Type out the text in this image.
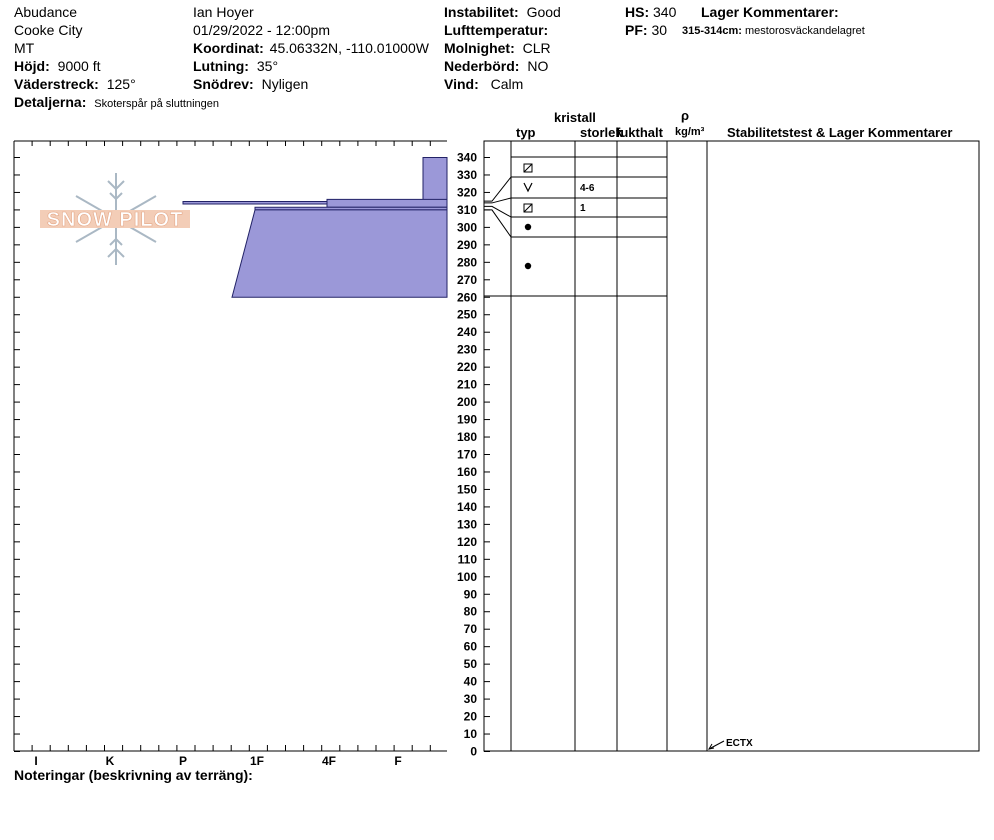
Abudance
Cooke City
MT
Höjd: 9000 ft
Väderstreck: 125°
Detaljerna: Skoterspår på sluttningen
Ian Hoyer
01/29/2022 - 12:00pm
Koordinat: 45.06332N, -110.01000W
Lutning: 35°
Snödrev: Nyligen
Instabilitet: Good
Lufttemperatur:
Molnighet: CLR
Nederbörd: NO
Vind: Calm
HS: 340
PF: 30
Lager Kommentarer:
315-314cm: mestorosväckandelagret
kristall
typ	storlek
fukthalt
ρ
kg/m³ Stabilitetstest & Lager Kommentarer
Noteringar (beskrivning av terräng):
SNOW PILOT
I	K	P	1F	4F	F
0
10
20
30
40
50
60
70
80
90
100
110
120
130
140
150
160
170
180
190
200
210
220
230
240
250
260
270
280
290
300
310
320
330
340
4-6
1
ECTX
